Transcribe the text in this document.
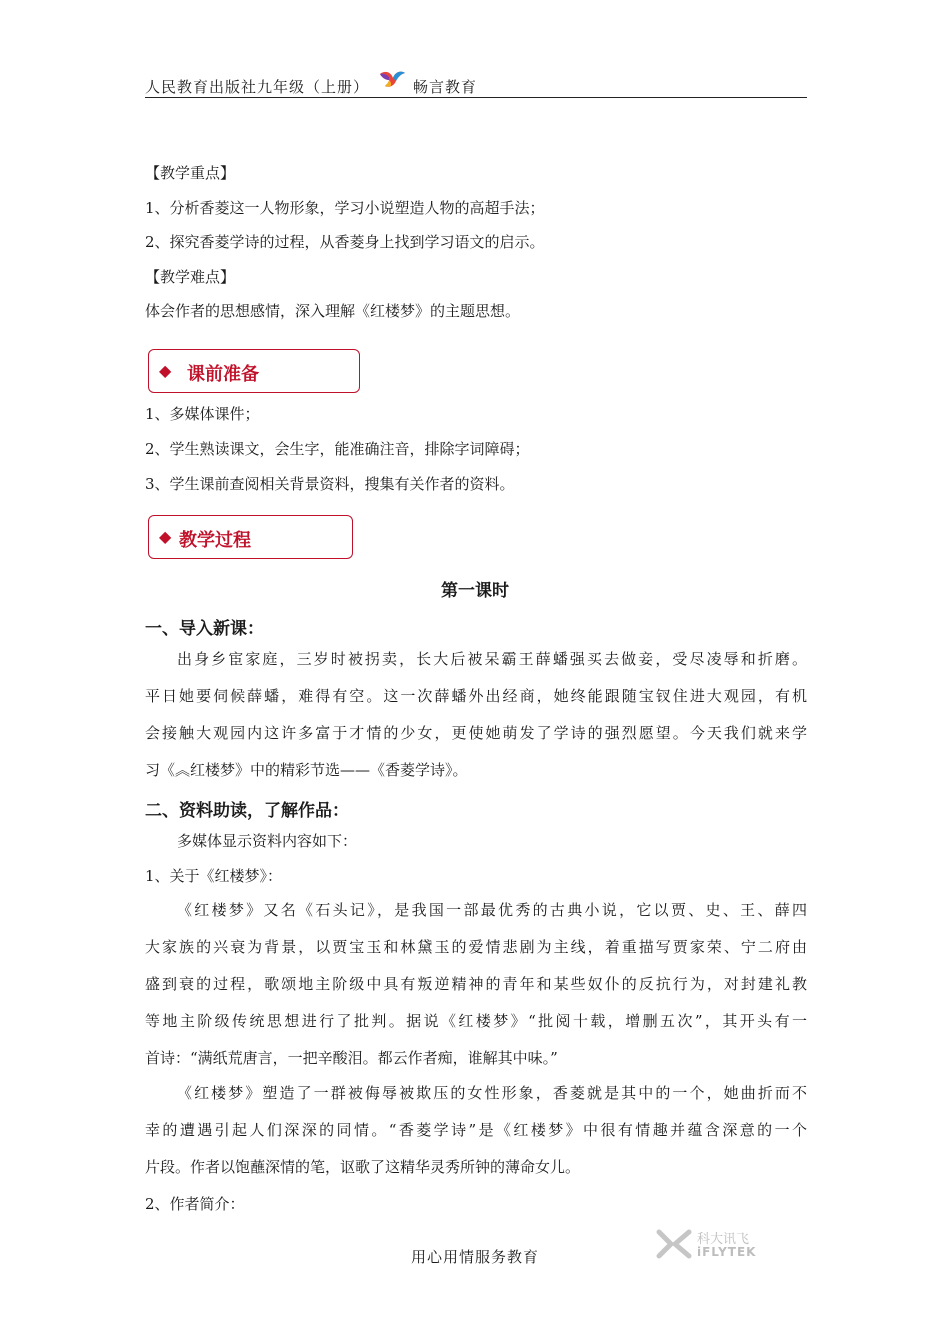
人民教育出版社九年级（上册）	畅言教育
【教学重点】
1、分析香菱这一人物形象，学习小说塑造人物的高超手法；
2、探究香菱学诗的过程，从香菱身上找到学习语文的启示。
【教学难点】
体会作者的思想感情，深入理解《红楼梦》的主题思想。
◆ 课前准备
1、多媒体课件；
2、学生熟读课文，会生字，能准确注音，排除字词障碍；
3、学生课前查阅相关背景资料，搜集有关作者的资料。
◆ 教学过程
第一课时
一、导入新课：
出身乡宦家庭，三岁时被拐卖，长大后被呆霸王薛蟠强买去做妾，受尽凌辱和折磨。
平日她要伺候薛蟠，难得有空。这一次薛蟠外出经商，她终能跟随宝钗住进大观园，有机
会接触大观园内这许多富于才情的少女，更使她萌发了学诗的强烈愿望。今天我们就来学
习《︽红楼梦》中的精彩节选——《香菱学诗》。
二、资料助读，了解作品：
多媒体显示资料内容如下：
1、关于《红楼梦》：
《红楼梦》又名《石头记》，是我国一部最优秀的古典小说，它以贾、史、王、薛四
大家族的兴衰为背景，以贾宝玉和林黛玉的爱情悲剧为主线，着重描写贾家荣、宁二府由
盛到衰的过程，歌颂地主阶级中具有叛逆精神的青年和某些奴仆的反抗行为，对封建礼教
等地主阶级传统思想进行了批判。据说《红楼梦》“批阅十载，增删五次”，其开头有一
首诗：“满纸荒唐言，一把辛酸泪。都云作者痴，谁解其中味。”
《红楼梦》塑造了一群被侮辱被欺压的女性形象，香菱就是其中的一个，她曲折而不
幸的遭遇引起人们深深的同情。“香菱学诗”是《红楼梦》中很有情趣并蕴含深意的一个
片段。作者以饱蘸深情的笔，讴歌了这精华灵秀所钟的薄命女儿。
2、作者简介：
用心用情服务教育
科大讯飞
iFLYTEK
